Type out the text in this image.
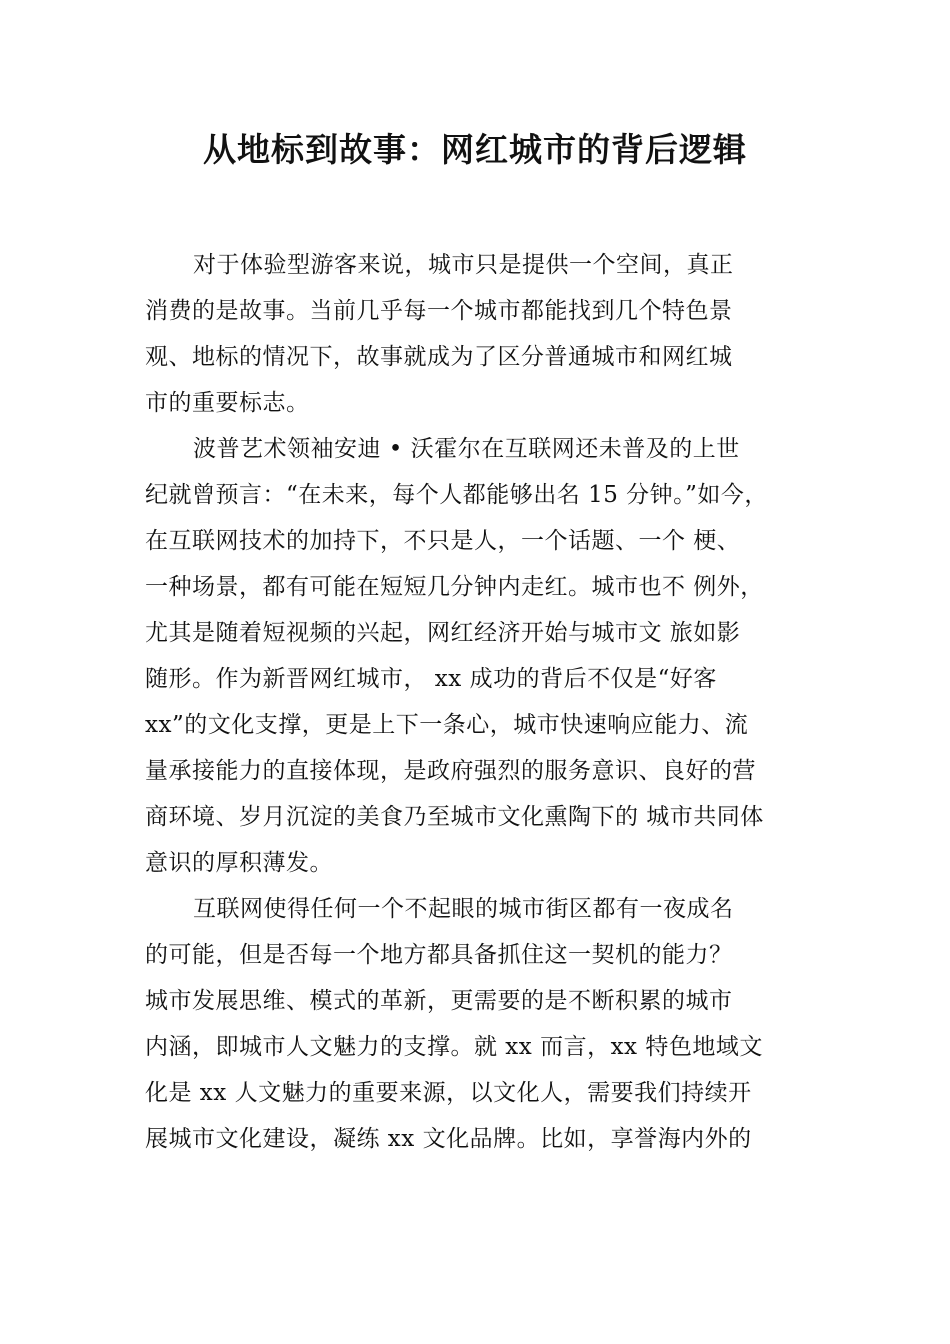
从地标到故事：网红城市的背后逻辑
对于体验型游客来说，城市只是提供一个空间，真正
消费的是故事。当前几乎每一个城市都能找到几个特色景
观、地标的情况下，故事就成为了区分普通城市和网红城
市的重要标志。
波普艺术领袖安迪 • 沃霍尔在互联网还未普及的上世
纪就曾预言：“在未来，每个人都能够出名 15 分钟。”如今，
在互联网技术的加持下，不只是人，一个话题、一个 梗、
一种场景，都有可能在短短几分钟内走红。城市也不 例外，
尤其是随着短视频的兴起，网红经济开始与城市文 旅如影
随形。作为新晋网红城市， xx 成功的背后不仅是“好客
xx”的文化支撑，更是上下一条心，城市快速响应能力、流
量承接能力的直接体现，是政府强烈的服务意识、良好的营
商环境、岁月沉淀的美食乃至城市文化熏陶下的 城市共同体
意识的厚积薄发。
互联网使得任何一个不起眼的城市街区都有一夜成名
的可能，但是否每一个地方都具备抓住这一契机的能力？
城市发展思维、模式的革新，更需要的是不断积累的城市
内涵，即城市人文魅力的支撑。就 xx 而言，xx 特色地域文
化是 xx 人文魅力的重要来源，以文化人，需要我们持续开
展城市文化建设，凝练 xx 文化品牌。比如，享誉海内外的
